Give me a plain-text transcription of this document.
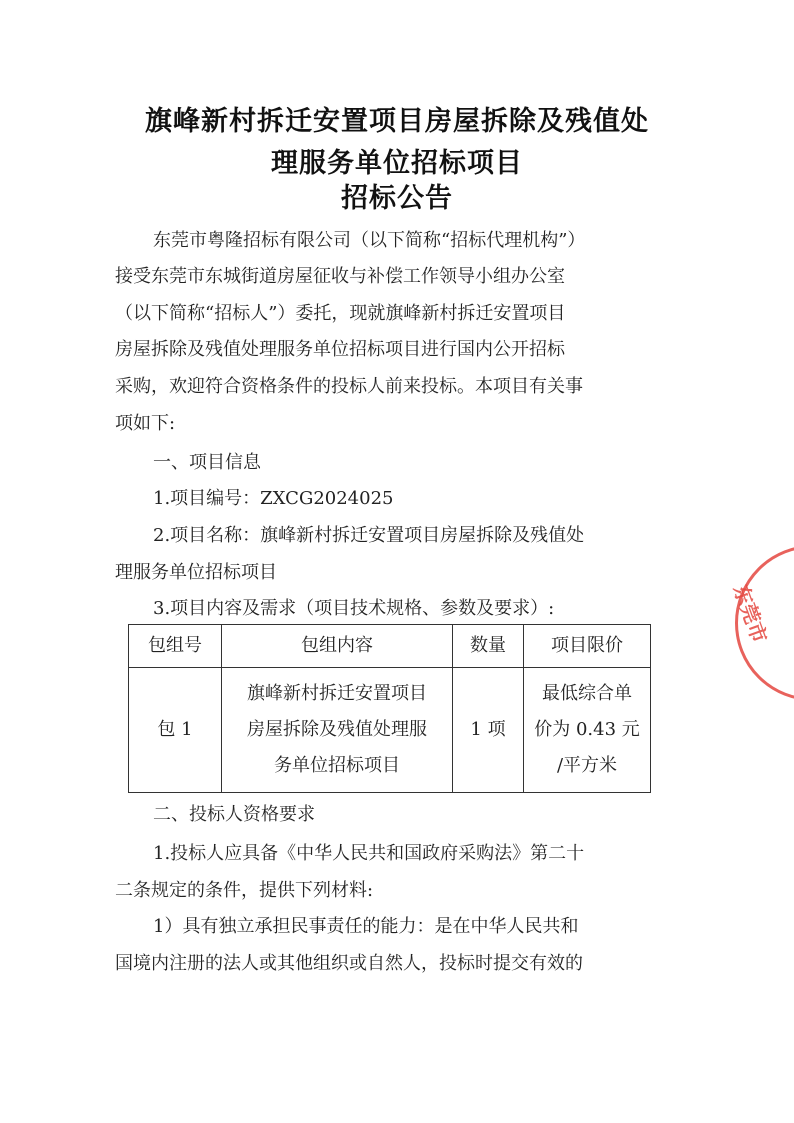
旗峰新村拆迁安置项目房屋拆除及残值处
理服务单位招标项目
招标公告
东莞市粤隆招标有限公司（以下简称“招标代理机构”）
接受东莞市东城街道房屋征收与补偿工作领导小组办公室
（以下简称“招标人”）委托，现就旗峰新村拆迁安置项目
房屋拆除及残值处理服务单位招标项目进行国内公开招标
采购，欢迎符合资格条件的投标人前来投标。本项目有关事
项如下:
一、项目信息
1.项目编号：ZXCG2024025
2.项目名称：旗峰新村拆迁安置项目房屋拆除及残值处
理服务单位招标项目
3.项目内容及需求（项目技术规格、参数及要求）:
包组号	包组内容	数量	项目限价
包 1	旗峰新村拆迁安置项目
房屋拆除及残值处理服
务单位招标项目	1 项	最低综合单
价为 0.43 元
/平方米
二、投标人资格要求
1.投标人应具备《中华人民共和国政府采购法》第二十
二条规定的条件，提供下列材料:
1）具有独立承担民事责任的能力：是在中华人民共和
国境内注册的法人或其他组织或自然人，投标时提交有效的
东莞市
